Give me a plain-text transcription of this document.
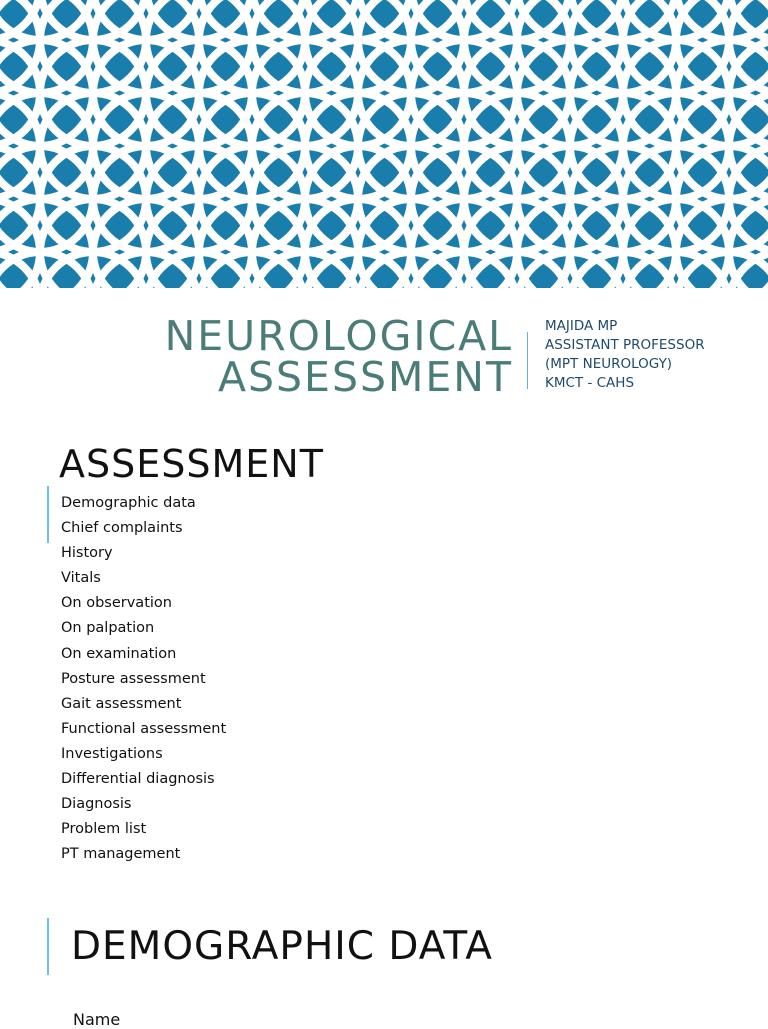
NEUROLOGICAL
ASSESSMENT
MAJIDA MP
ASSISTANT PROFESSOR
(MPT NEUROLOGY)
KMCT - CAHS
ASSESSMENT
Demographic data
Chief complaints
History
Vitals
On observation
On palpation
On examination
Posture assessment
Gait assessment
Functional assessment
Investigations
Differential diagnosis
Diagnosis
Problem list
PT management
DEMOGRAPHIC DATA
Name
